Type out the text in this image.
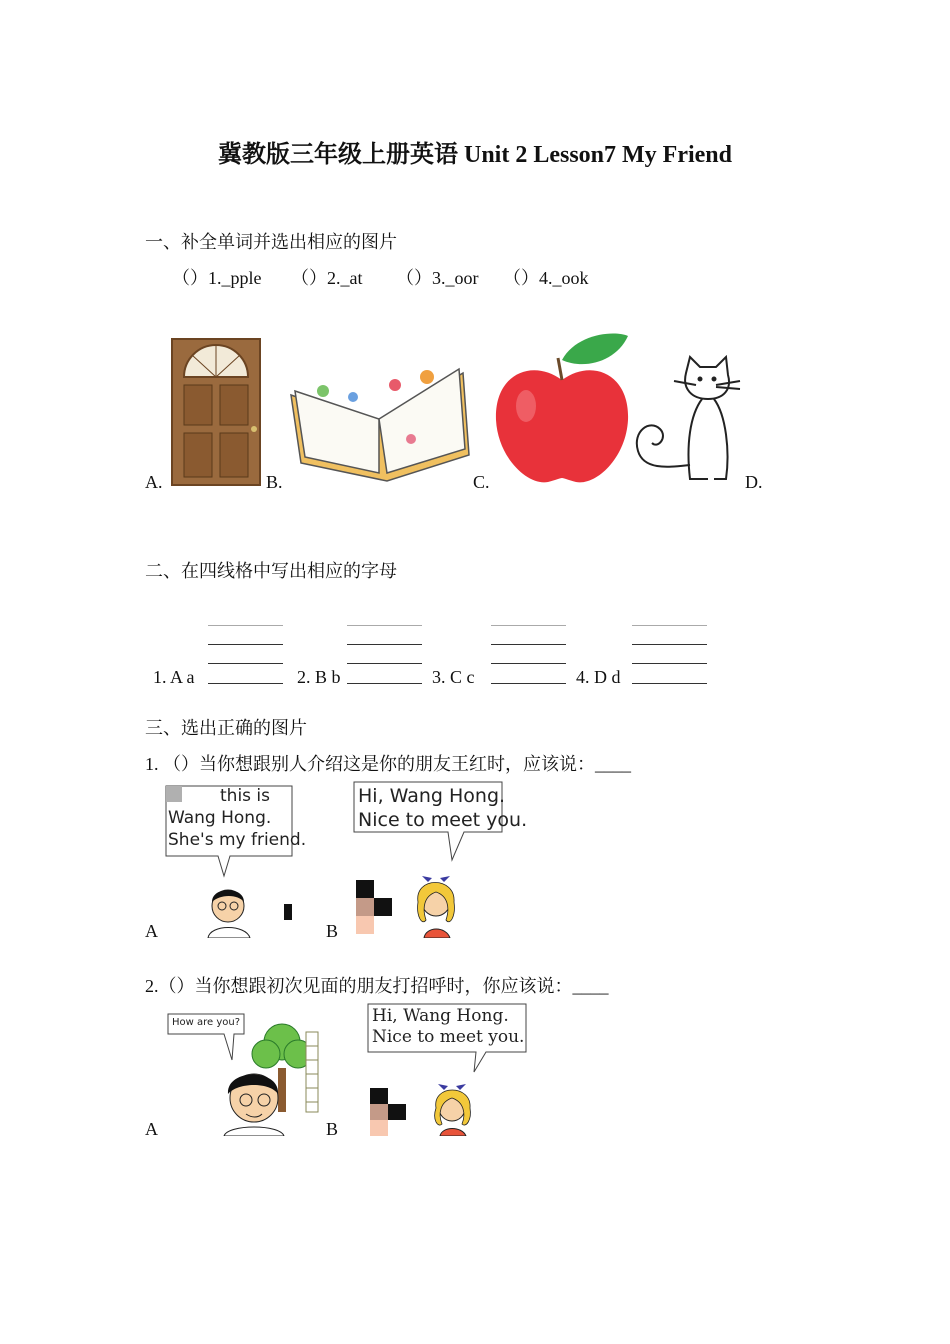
冀教版三年级上册英语 Unit 2 Lesson7 My Friend
一、补全单词并选出相应的图片
（）1._pple （）2._at （）3._oor （）4._ook
A.	B.	C.	D.
二、在四线格中写出相应的字母
1. A a	2. B b	3. C c	4. D d
三、选出正确的图片
1. （）当你想跟别人介绍这是你的朋友王红时，应该说：____
this is
Wang Hong.
She's my friend.
A
Hi, Wang Hong.
Nice to meet you.
B
2.（）当你想跟初次见面的朋友打招呼时，你应该说：____
How are you?
A
Hi, Wang Hong.
Nice to meet you.
B
